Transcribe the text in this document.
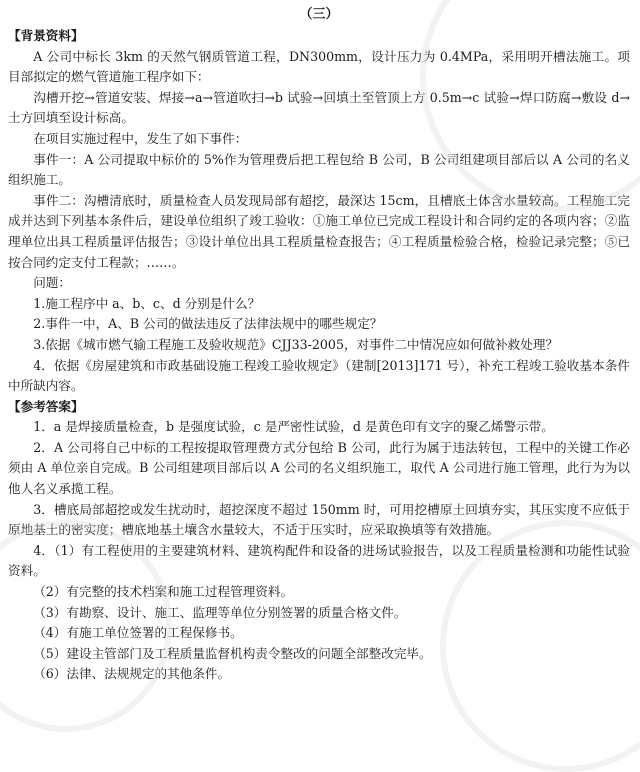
（三）
【背景资料】
A 公司中标长 3km 的天然气钢质管道工程，DN300mm，设计压力为 0.4MPa，采用明开槽法施工。项目部拟定的燃气管道施工程序如下：
沟槽开挖→管道安装、焊接→a→管道吹扫→b 试验→回填土至管顶上方 0.5m→c 试验→焊口防腐→敷设 d→土方回填至设计标高。
在项目实施过程中，发生了如下事件：
事件一：A 公司提取中标价的 5%作为管理费后把工程包给 B 公司，B 公司组建项目部后以 A 公司的名义组织施工。
事件二：沟槽清底时，质量检查人员发现局部有超挖，最深达 15cm，且槽底土体含水量较高。工程施工完成并达到下列基本条件后，建设单位组织了竣工验收：①施工单位已完成工程设计和合同约定的各项内容；②监理单位出具工程质量评估报告；③设计单位出具工程质量检查报告；④工程质量检验合格，检验记录完整；⑤已按合同约定支付工程款；……。
问题：
1.施工程序中 a、b、c、d 分别是什么？
2.事件一中，A、B 公司的做法违反了法律法规中的哪些规定？
3.依据《城市燃气输工程施工及验收规范》CJJ33-2005，对事件二中情况应如何做补救处理？
4．依据《房屋建筑和市政基础设施工程竣工验收规定》（建制[2013]171 号），补充工程竣工验收基本条件中所缺内容。
【参考答案】
1．a 是焊接质量检查，b 是强度试验，c 是严密性试验，d 是黄色印有文字的聚乙烯警示带。
2．A 公司将自己中标的工程按提取管理费方式分包给 B 公司，此行为属于违法转包，工程中的关键工作必须由 A 单位亲自完成。B 公司组建项目部后以 A 公司的名义组织施工，取代 A 公司进行施工管理，此行为为以他人名义承揽工程。
3．槽底局部超挖或发生扰动时，超挖深度不超过 150mm 时，可用挖槽原土回填夯实，其压实度不应低于原地基土的密实度；槽底地基土壤含水量较大，不适于压实时，应采取换填等有效措施。
4．（1）有工程使用的主要建筑材料、建筑构配件和设备的进场试验报告，以及工程质量检测和功能性试验资料。
（2）有完整的技术档案和施工过程管理资料。
（3）有勘察、设计、施工、监理等单位分别签署的质量合格文件。
（4）有施工单位签署的工程保修书。
（5）建设主管部门及工程质量监督机构责令整改的问题全部整改完毕。
（6）法律、法规规定的其他条件。
